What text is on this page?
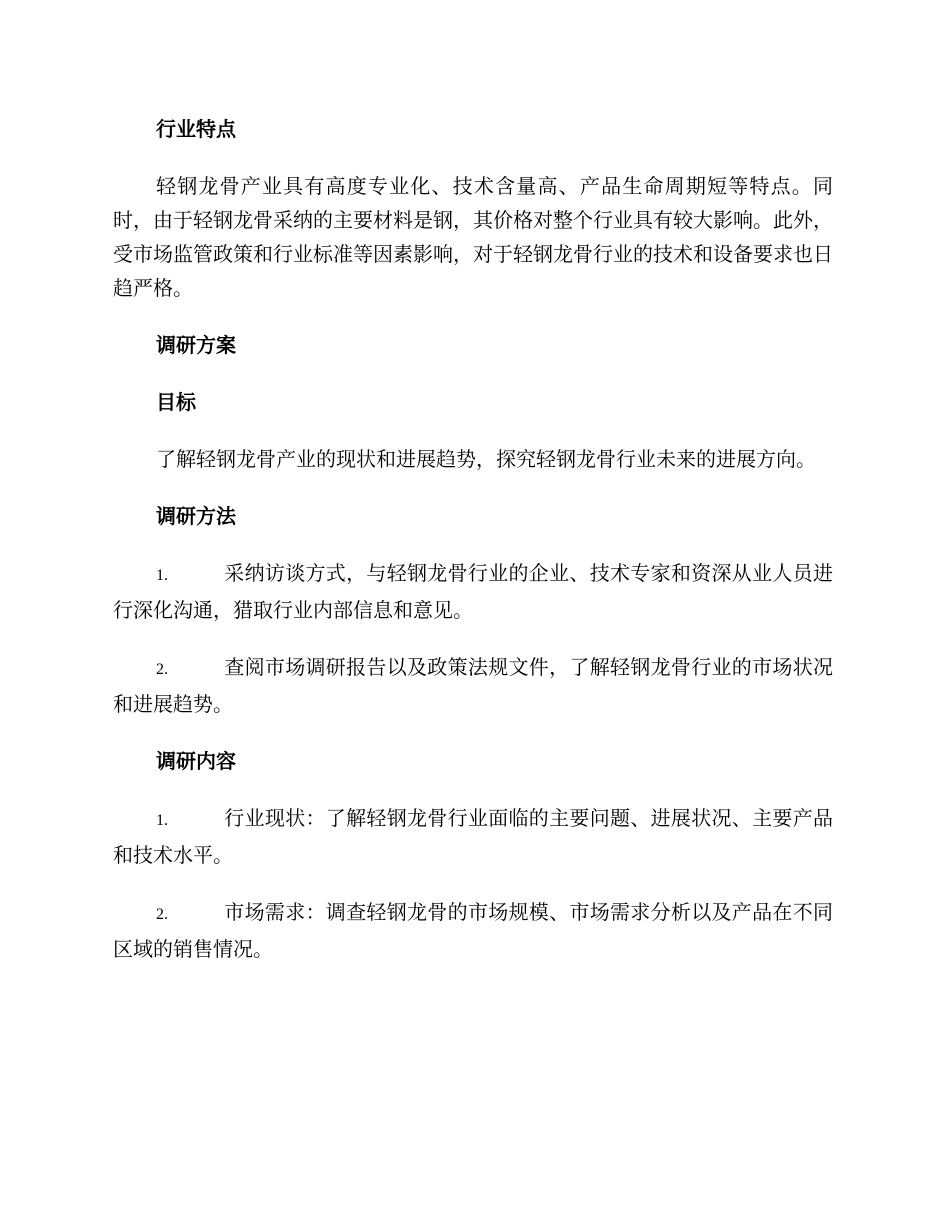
行业特点

轻钢龙骨产业具有高度专业化、技术含量高、产品生命周期短等特点。同时，由于轻钢龙骨采纳的主要材料是钢，其价格对整个行业具有较大影响。此外，受市场监管政策和行业标准等因素影响，对于轻钢龙骨行业的技术和设备要求也日趋严格。

调研方案
目标

了解轻钢龙骨产业的现状和进展趋势，探究轻钢龙骨行业未来的进展方向。

调研方法

1.	采纳访谈方式，与轻钢龙骨行业的企业、技术专家和资深从业人员进行深化沟通，猎取行业内部信息和意见。

2.	查阅市场调研报告以及政策法规文件，了解轻钢龙骨行业的市场状况和进展趋势。

调研内容

1.	行业现状：了解轻钢龙骨行业面临的主要问题、进展状况、主要产品和技术水平。

2.	市场需求：调查轻钢龙骨的市场规模、市场需求分析以及产品在不同区域的销售情况。
